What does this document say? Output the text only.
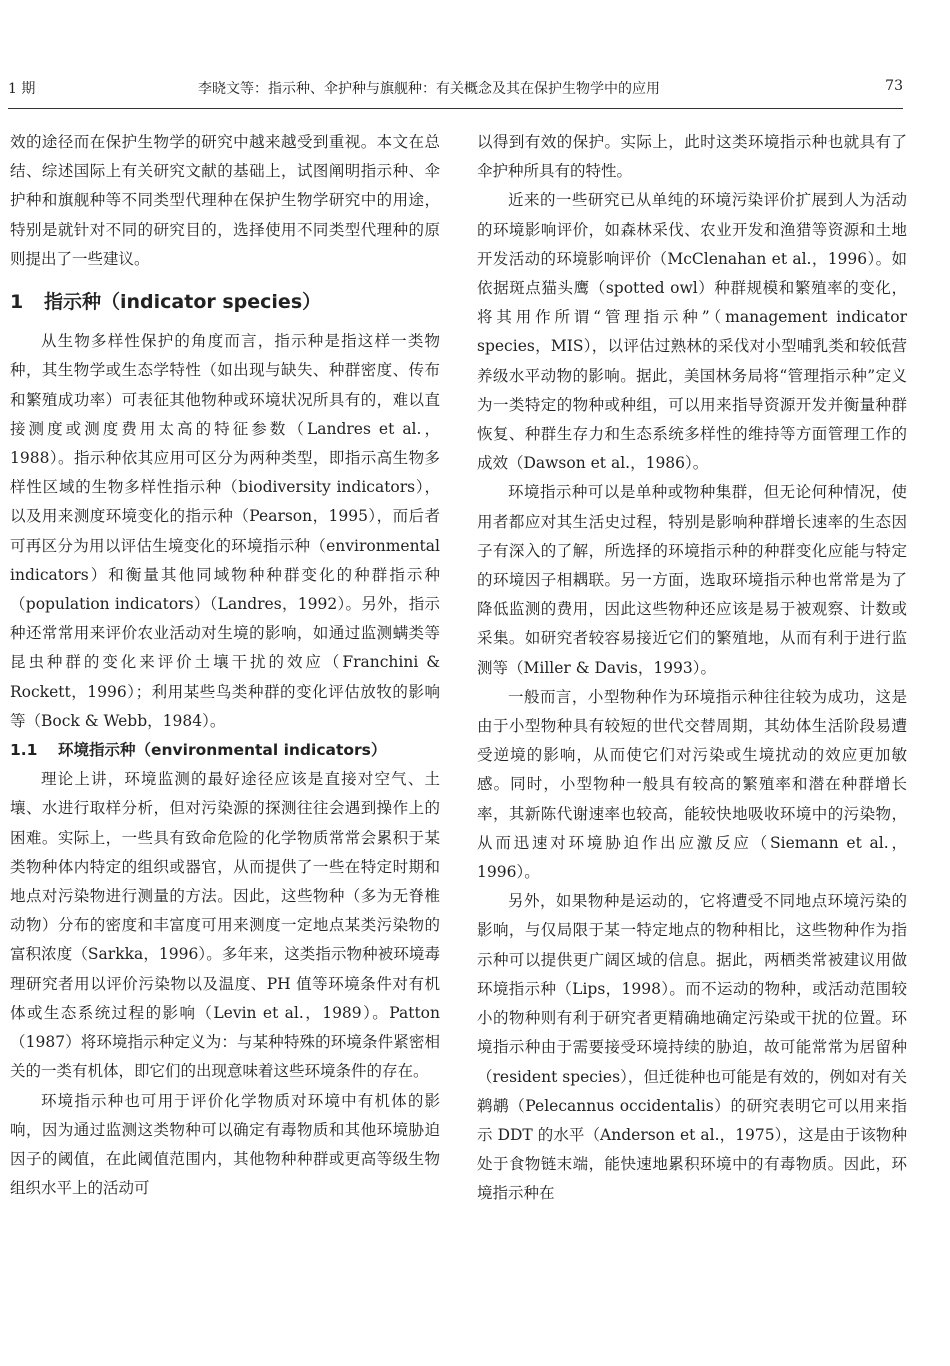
1 期	李晓文等：指示种、伞护种与旗舰种：有关概念及其在保护生物学中的应用	73

效的途径而在保护生物学的研究中越来越受到重视。本文在总结、综述国际上有关研究文献的基础上，试图阐明指示种、伞护种和旗舰种等不同类型代理种在保护生物学研究中的用途，特别是就针对不同的研究目的，选择使用不同类型代理种的原则提出了一些建议。

1 指示种（indicator species）

从生物多样性保护的角度而言，指示种是指这样一类物种，其生物学或生态学特性（如出现与缺失、种群密度、传布和繁殖成功率）可表征其他物种或环境状况所具有的，难以直接测度或测度费用太高的特征参数（Landres et al.，1988）。指示种依其应用可区分为两种类型，即指示高生物多样性区域的生物多样性指示种（biodiversity indicators），以及用来测度环境变化的指示种（Pearson，1995），而后者可再区分为用以评估生境变化的环境指示种（environmental indicators）和衡量其他同域物种种群变化的种群指示种（population indicators）（Landres，1992）。另外，指示种还常常用来评价农业活动对生境的影响，如通过监测螨类等昆虫种群的变化来评价土壤干扰的效应（Franchini & Rockett，1996）；利用某些鸟类种群的变化评估放牧的影响等（Bock & Webb，1984）。

1.1 环境指示种（environmental indicators）

理论上讲，环境监测的最好途径应该是直接对空气、土壤、水进行取样分析，但对污染源的探测往往会遇到操作上的困难。实际上，一些具有致命危险的化学物质常常会累积于某类物种体内特定的组织或器官，从而提供了一些在特定时期和地点对污染物进行测量的方法。因此，这些物种（多为无脊椎动物）分布的密度和丰富度可用来测度一定地点某类污染物的富积浓度（Sarkka，1996）。多年来，这类指示物种被环境毒理研究者用以评价污染物以及温度、PH 值等环境条件对有机体或生态系统过程的影响（Levin et al.，1989）。Patton（1987）将环境指示种定义为：与某种特殊的环境条件紧密相关的一类有机体，即它们的出现意味着这些环境条件的存在。

环境指示种也可用于评价化学物质对环境中有机体的影响，因为通过监测这类物种可以确定有毒物质和其他环境胁迫因子的阈值，在此阈值范围内，其他物种种群或更高等级生物组织水平上的活动可

以得到有效的保护。实际上，此时这类环境指示种也就具有了伞护种所具有的特性。

近来的一些研究已从单纯的环境污染评价扩展到人为活动的环境影响评价，如森林采伐、农业开发和渔猎等资源和土地开发活动的环境影响评价（McClenahan et al.，1996）。如依据斑点猫头鹰（spotted owl）种群规模和繁殖率的变化，将其用作所谓“管理指示种”（management indicator species，MIS），以评估过熟林的采伐对小型哺乳类和较低营养级水平动物的影响。据此，美国林务局将“管理指示种”定义为一类特定的物种或种组，可以用来指导资源开发并衡量种群恢复、种群生存力和生态系统多样性的维持等方面管理工作的成效（Dawson et al.，1986）。

环境指示种可以是单种或物种集群，但无论何种情况，使用者都应对其生活史过程，特别是影响种群增长速率的生态因子有深入的了解，所选择的环境指示种的种群变化应能与特定的环境因子相耦联。另一方面，选取环境指示种也常常是为了降低监测的费用，因此这些物种还应该是易于被观察、计数或采集。如研究者较容易接近它们的繁殖地，从而有利于进行监测等（Miller & Davis，1993）。

一般而言，小型物种作为环境指示种往往较为成功，这是由于小型物种具有较短的世代交替周期，其幼体生活阶段易遭受逆境的影响，从而使它们对污染或生境扰动的效应更加敏感。同时，小型物种一般具有较高的繁殖率和潜在种群增长率，其新陈代谢速率也较高，能较快地吸收环境中的污染物，从而迅速对环境胁迫作出应激反应（Siemann et al.，1996）。

另外，如果物种是运动的，它将遭受不同地点环境污染的影响，与仅局限于某一特定地点的物种相比，这些物种作为指示种可以提供更广阔区域的信息。据此，两栖类常被建议用做环境指示种（Lips，1998）。而不运动的物种，或活动范围较小的物种则有利于研究者更精确地确定污染或干扰的位置。环境指示种由于需要接受环境持续的胁迫，故可能常常为居留种（resident species），但迁徙种也可能是有效的，例如对有关鹈鹕（Pelecannus occidentalis）的研究表明它可以用来指示 DDT 的水平（Anderson et al.，1975），这是由于该物种处于食物链末端，能快速地累积环境中的有毒物质。因此，环境指示种在
